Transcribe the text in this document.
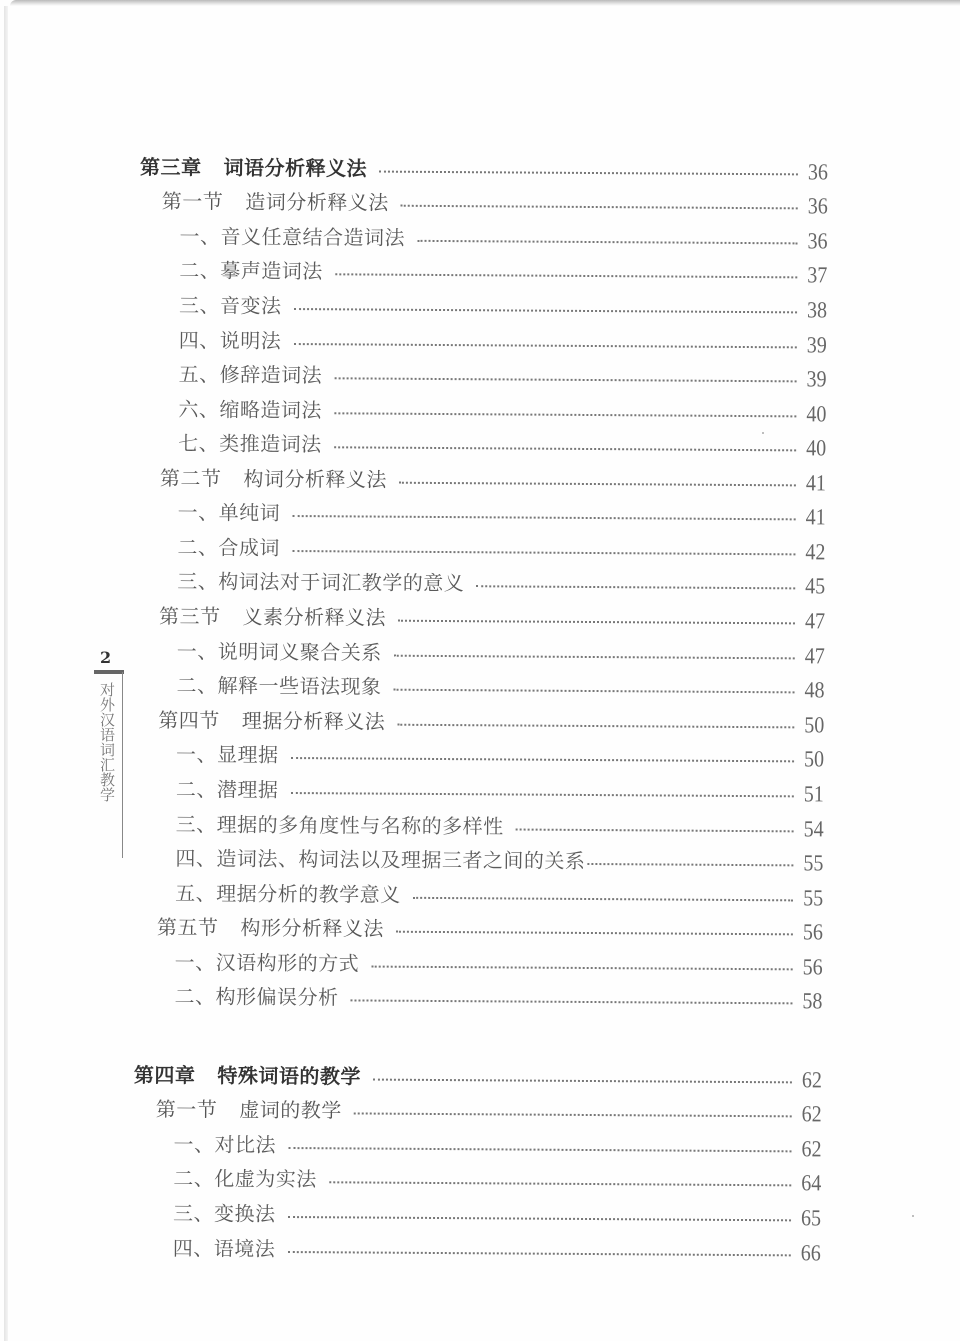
2
对外汉语词汇教学
第三章 词语分析释义法	36
第一节 造词分析释义法	36
一、音义任意结合造词法	36
二、摹声造词法	37
三、音变法	38
四、说明法	39
五、修辞造词法	39
六、缩略造词法	40
七、类推造词法	40
第二节 构词分析释义法	41
一、单纯词	41
二、合成词	42
三、构词法对于词汇教学的意义	45
第三节 义素分析释义法	47
一、说明词义聚合关系	47
二、解释一些语法现象	48
第四节 理据分析释义法	50
一、显理据	50
二、潜理据	51
三、理据的多角度性与名称的多样性	54
四、造词法、构词法以及理据三者之间的关系	55
五、理据分析的教学意义	55
第五节 构形分析释义法	56
一、汉语构形的方式	56
二、构形偏误分析	58
第四章 特殊词语的教学	62
第一节 虚词的教学	62
一、对比法	62
二、化虚为实法	64
三、变换法	65
四、语境法	66
